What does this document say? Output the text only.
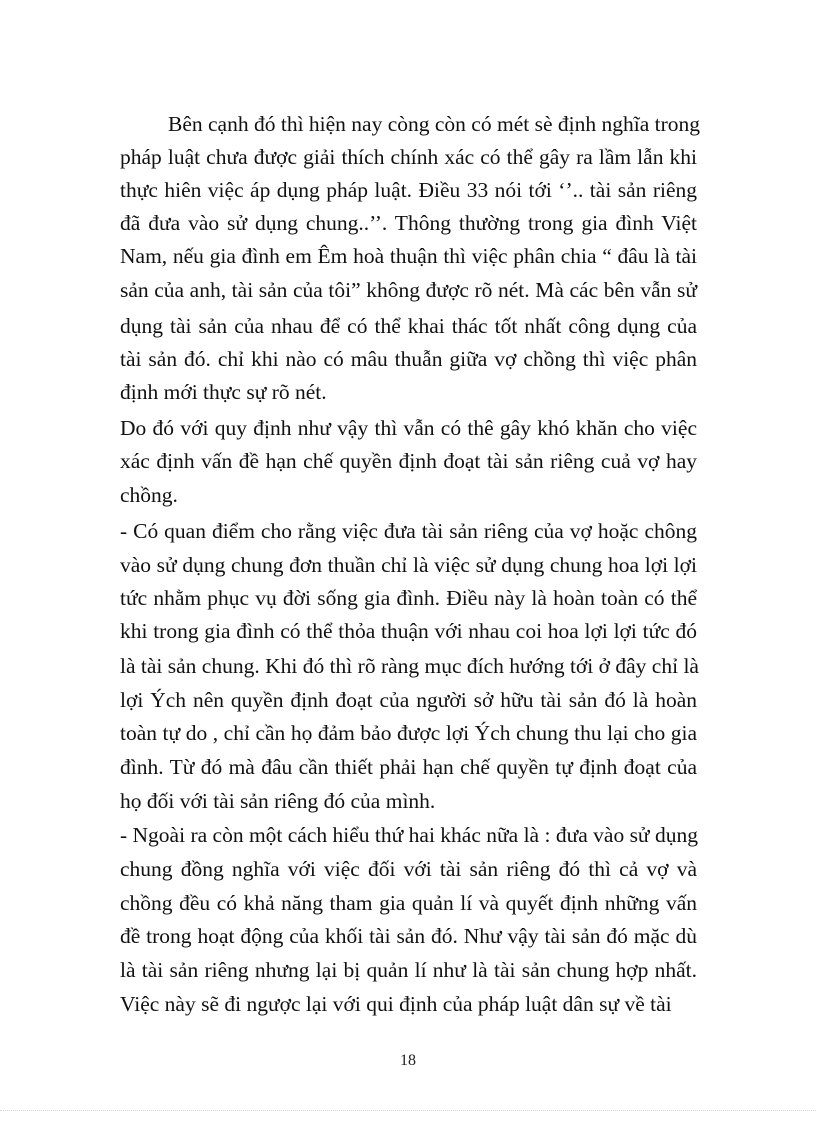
Bên cạnh đó thì hiện nay còng còn có mét sè định nghĩa trong
pháp luật chưa được giải thích chính xác có thể gây ra lầm lẫn khi
thực hiên việc áp dụng pháp luật. Điều 33 nói tới ‘’.. tài sản riêng
đã đưa vào sử dụng chung..’’. Thông thường trong gia đình Việt
Nam, nếu gia đình em Êm hoà thuận thì việc phân chia “ đâu là tài
sản của anh, tài sản của tôi” không được rõ nét. Mà các bên vẫn sử
dụng tài sản của nhau để có thể khai thác tốt nhất công dụng của
tài sản đó. chỉ khi nào có mâu thuẫn giữa vợ chồng thì việc phân
định mới thực sự rõ nét.
Do đó với quy định như vậy thì vẫn có thê gây khó khăn cho việc
xác định vấn đề hạn chế quyền định đoạt tài sản riêng cuả vợ hay
chồng.
- Có quan điểm cho rằng việc đưa tài sản riêng của vợ hoặc chông
vào sử dụng chung đơn thuần chỉ là việc sử dụng chung hoa lợi lợi
tức nhằm phục vụ đời sống gia đình. Điều này là hoàn toàn có thể
khi trong gia đình có thể thỏa thuận với nhau coi hoa lợi lợi tức đó
là tài sản chung. Khi đó thì rõ ràng mục đích hướng tới ở đây chỉ là
lợi Ých nên quyền định đoạt của người sở hữu tài sản đó là hoàn
toàn tự do , chỉ cần họ đảm bảo được lợi Ých chung thu lại cho gia
đình. Từ đó mà đâu cần thiết phải hạn chế quyền tự định đoạt của
họ đối với tài sản riêng đó của mình.
- Ngoài ra còn một cách hiểu thứ hai khác nữa là : đưa vào sử dụng
chung đồng nghĩa với việc đối với tài sản riêng đó thì cả vợ và
chồng đều có khả năng tham gia quản lí và quyết định những vấn
đề trong hoạt động của khối tài sản đó. Như vậy tài sản đó mặc dù
là tài sản riêng nhưng lại bị quản lí như là tài sản chung hợp nhất.
Việc này sẽ đi ngược lại với qui định của pháp luật dân sự về tài
18
